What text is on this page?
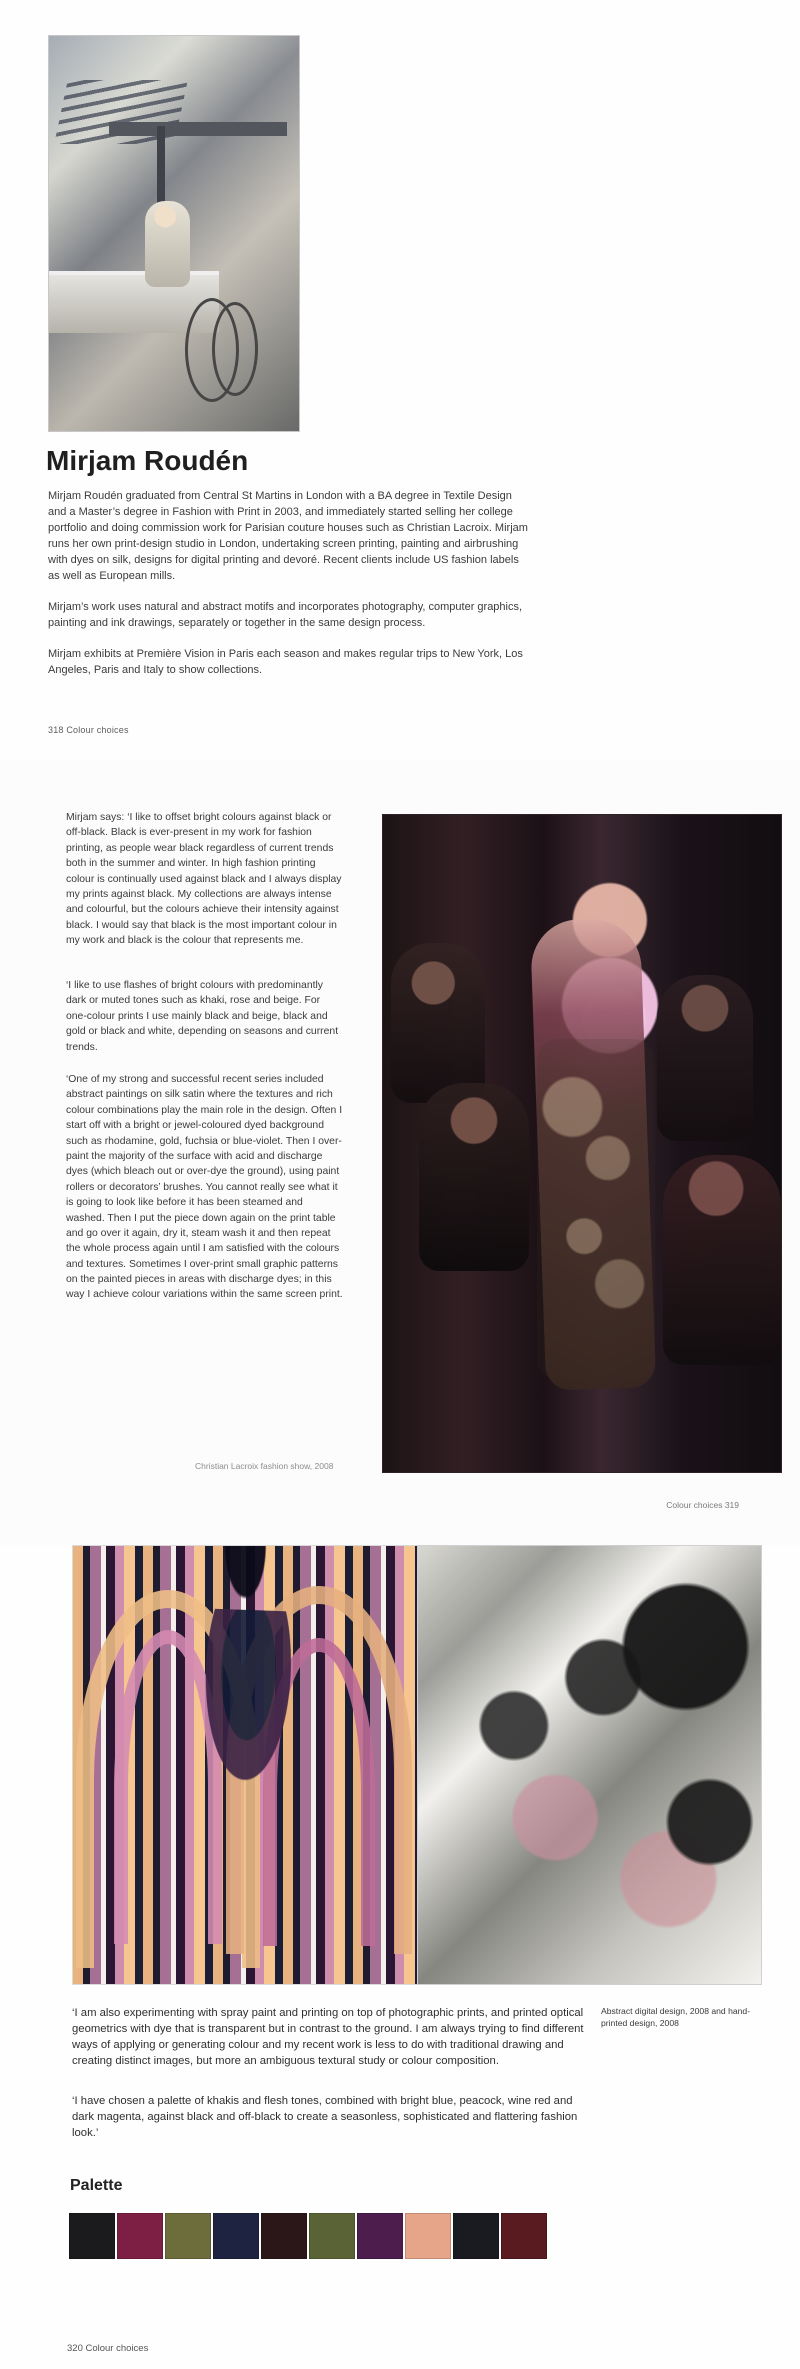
Mirjam Roudén

Mirjam Roudén graduated from Central St Martins in London with a BA degree in Textile Design and a Master’s degree in Fashion with Print in 2003, and immediately started selling her college portfolio and doing commission work for Parisian couture houses such as Christian Lacroix. Mirjam runs her own print-design studio in London, undertaking screen printing, painting and airbrushing with dyes on silk, designs for digital printing and devoré. Recent clients include US fashion labels as well as European mills.

Mirjam’s work uses natural and abstract motifs and incorporates photography, computer graphics, painting and ink drawings, separately or together in the same design process.

Mirjam exhibits at Première Vision in Paris each season and makes regular trips to New York, Los Angeles, Paris and Italy to show collections.

318 Colour choices

Mirjam says: ‘I like to offset bright colours against black or off-black. Black is ever-present in my work for fashion printing, as people wear black regardless of current trends both in the summer and winter. In high fashion printing colour is continually used against black and I always display my prints against black. My collections are always intense and colourful, but the colours achieve their intensity against black. I would say that black is the most important colour in my work and black is the colour that represents me.

‘I like to use flashes of bright colours with predominantly dark or muted tones such as khaki, rose and beige. For one-colour prints I use mainly black and beige, black and gold or black and white, depending on seasons and current trends.

‘One of my strong and successful recent series included abstract paintings on silk satin where the textures and rich colour combinations play the main role in the design. Often I start off with a bright or jewel-coloured dyed background such as rhodamine, gold, fuchsia or blue-violet. Then I over-paint the majority of the surface with acid and discharge dyes (which bleach out or over-dye the ground), using paint rollers or decorators’ brushes. You cannot really see what it is going to look like before it has been steamed and washed. Then I put the piece down again on the print table and go over it again, dry it, steam wash it and then repeat the whole process again until I am satisfied with the colours and textures. Sometimes I over-print small graphic patterns on the painted pieces in areas with discharge dyes; in this way I achieve colour variations within the same screen print.

Christian Lacroix fashion show, 2008
Colour choices 319

‘I am also experimenting with spray paint and printing on top of photographic prints, and printed optical geometrics with dye that is transparent but in contrast to the ground. I am always trying to find different ways of applying or generating colour and my recent work is less to do with traditional drawing and creating distinct images, but more an ambiguous textural study or colour composition.

‘I have chosen a palette of khakis and flesh tones, combined with bright blue, peacock, wine red and dark magenta, against black and off-black to create a seasonless, sophisticated and flattering fashion look.’

Abstract digital design, 2008 and hand-printed design, 2008
Palette
320 Colour choices
